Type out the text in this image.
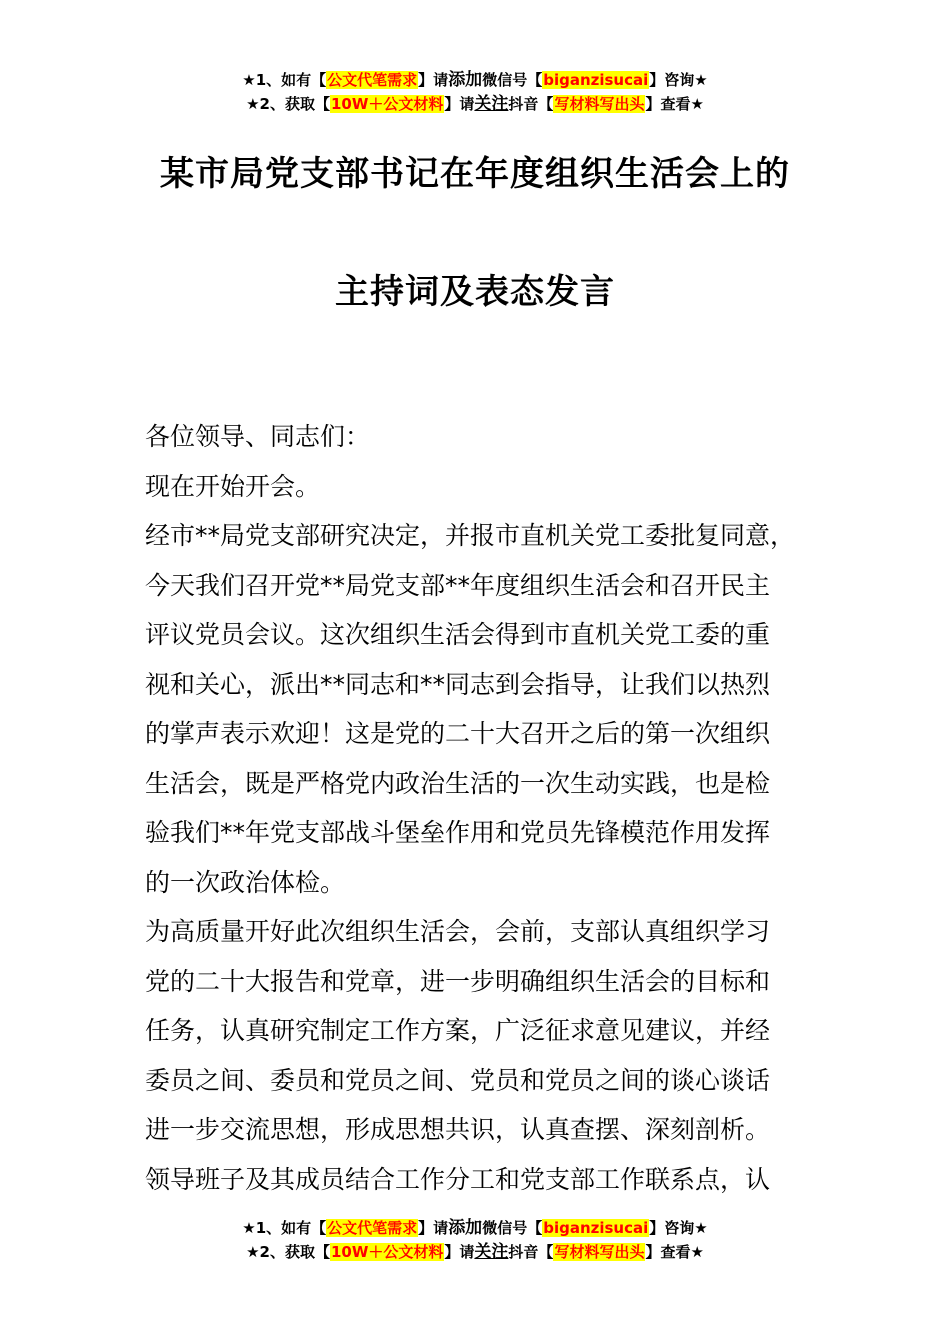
★1、如有【公文代笔需求】请添加微信号【biganzisucai】咨询★
★2、获取【10W＋公文材料】请关注抖音【写材料写出头】查看★
某市局党支部书记在年度组织生活会上的
主持词及表态发言
各位领导、同志们：
现在开始开会。
经市**局党支部研究决定，并报市直机关党工委批复同意，
今天我们召开党**局党支部**年度组织生活会和召开民主
评议党员会议。这次组织生活会得到市直机关党工委的重
视和关心，派出**同志和**同志到会指导，让我们以热烈
的掌声表示欢迎！这是党的二十大召开之后的第一次组织
生活会，既是严格党内政治生活的一次生动实践，也是检
验我们**年党支部战斗堡垒作用和党员先锋模范作用发挥
的一次政治体检。
为高质量开好此次组织生活会，会前，支部认真组织学习
党的二十大报告和党章，进一步明确组织生活会的目标和
任务，认真研究制定工作方案，广泛征求意见建议，并经
委员之间、委员和党员之间、党员和党员之间的谈心谈话
进一步交流思想，形成思想共识，认真查摆、深刻剖析。
领导班子及其成员结合工作分工和党支部工作联系点，认
★1、如有【公文代笔需求】请添加微信号【biganzisucai】咨询★
★2、获取【10W＋公文材料】请关注抖音【写材料写出头】查看★
